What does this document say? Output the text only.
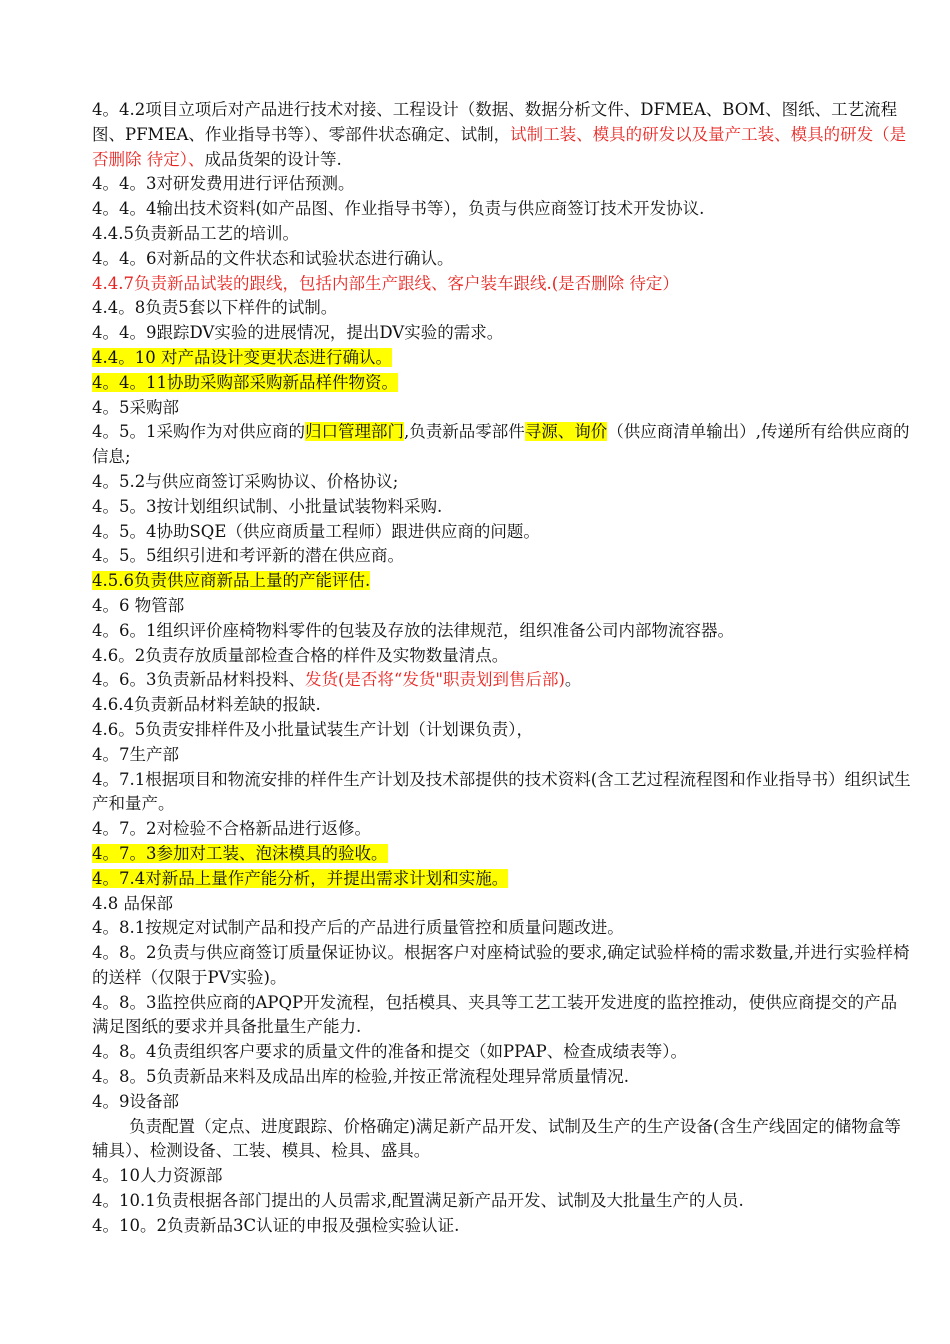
4。4.2项目立项后对产品进行技术对接、工程设计（数据、数据分析文件、DFMEA、BOM、图纸、工艺流程图、PFMEA、作业指导书等）、零部件状态确定、试制，试制工装、模具的研发以及量产工装、模具的研发（是否删除 待定）、成品货架的设计等.
4。4。3对研发费用进行评估预测。
4。4。4输出技术资料(如产品图、作业指导书等），负责与供应商签订技术开发协议.
4.4.5负责新品工艺的培训。
4。4。6对新品的文件状态和试验状态进行确认。
4.4.7负责新品试装的跟线，包括内部生产跟线、客户装车跟线.(是否删除 待定）
4.4。8负责5套以下样件的试制。
4。4。9跟踪DV实验的进展情况，提出DV实验的需求。
4.4。10 对产品设计变更状态进行确认。
4。4。11协助采购部采购新品样件物资。
4。5采购部
4。5。1采购作为对供应商的归口管理部门,负责新品零部件寻源、询价（供应商清单输出）,传递所有给供应商的信息;
4。5.2与供应商签订采购协议、价格协议;
4。5。3按计划组织试制、小批量试装物料采购.
4。5。4协助SQE（供应商质量工程师）跟进供应商的问题。
4。5。5组织引进和考评新的潜在供应商。
4.5.6负责供应商新品上量的产能评估.
4。6 物管部
4。6。1组织评价座椅物料零件的包装及存放的法律规范，组织准备公司内部物流容器。
4.6。2负责存放质量部检查合格的样件及实物数量清点。
4。6。3负责新品材料投料、发货(是否将“发货"职责划到售后部)。
4.6.4负责新品材料差缺的报缺.
4.6。5负责安排样件及小批量试装生产计划（计划课负责），
4。7生产部
4。7.1根据项目和物流安排的样件生产计划及技术部提供的技术资料(含工艺过程流程图和作业指导书）组织试生产和量产。
4。7。2对检验不合格新品进行返修。
4。7。3参加对工装、泡沫模具的验收。
4。7.4对新品上量作产能分析，并提出需求计划和实施。
4.8 品保部
4。8.1按规定对试制产品和投产后的产品进行质量管控和质量问题改进。
4。8。2负责与供应商签订质量保证协议。根据客户对座椅试验的要求,确定试验样椅的需求数量,并进行实验样椅的送样（仅限于PV实验)。
4。8。3监控供应商的APQP开发流程，包括模具、夹具等工艺工装开发进度的监控推动，使供应商提交的产品满足图纸的要求并具备批量生产能力.
4。8。4负责组织客户要求的质量文件的准备和提交（如PPAP、检查成绩表等）。
4。8。5负责新品来料及成品出库的检验,并按正常流程处理异常质量情况.
4。9设备部
负责配置（定点、进度跟踪、价格确定)满足新产品开发、试制及生产的生产设备(含生产线固定的储物盒等辅具）、检测设备、工装、模具、检具、盛具。
4。10人力资源部
4。10.1负责根据各部门提出的人员需求,配置满足新产品开发、试制及大批量生产的人员.
4。10。2负责新品3C认证的申报及强检实验认证.
